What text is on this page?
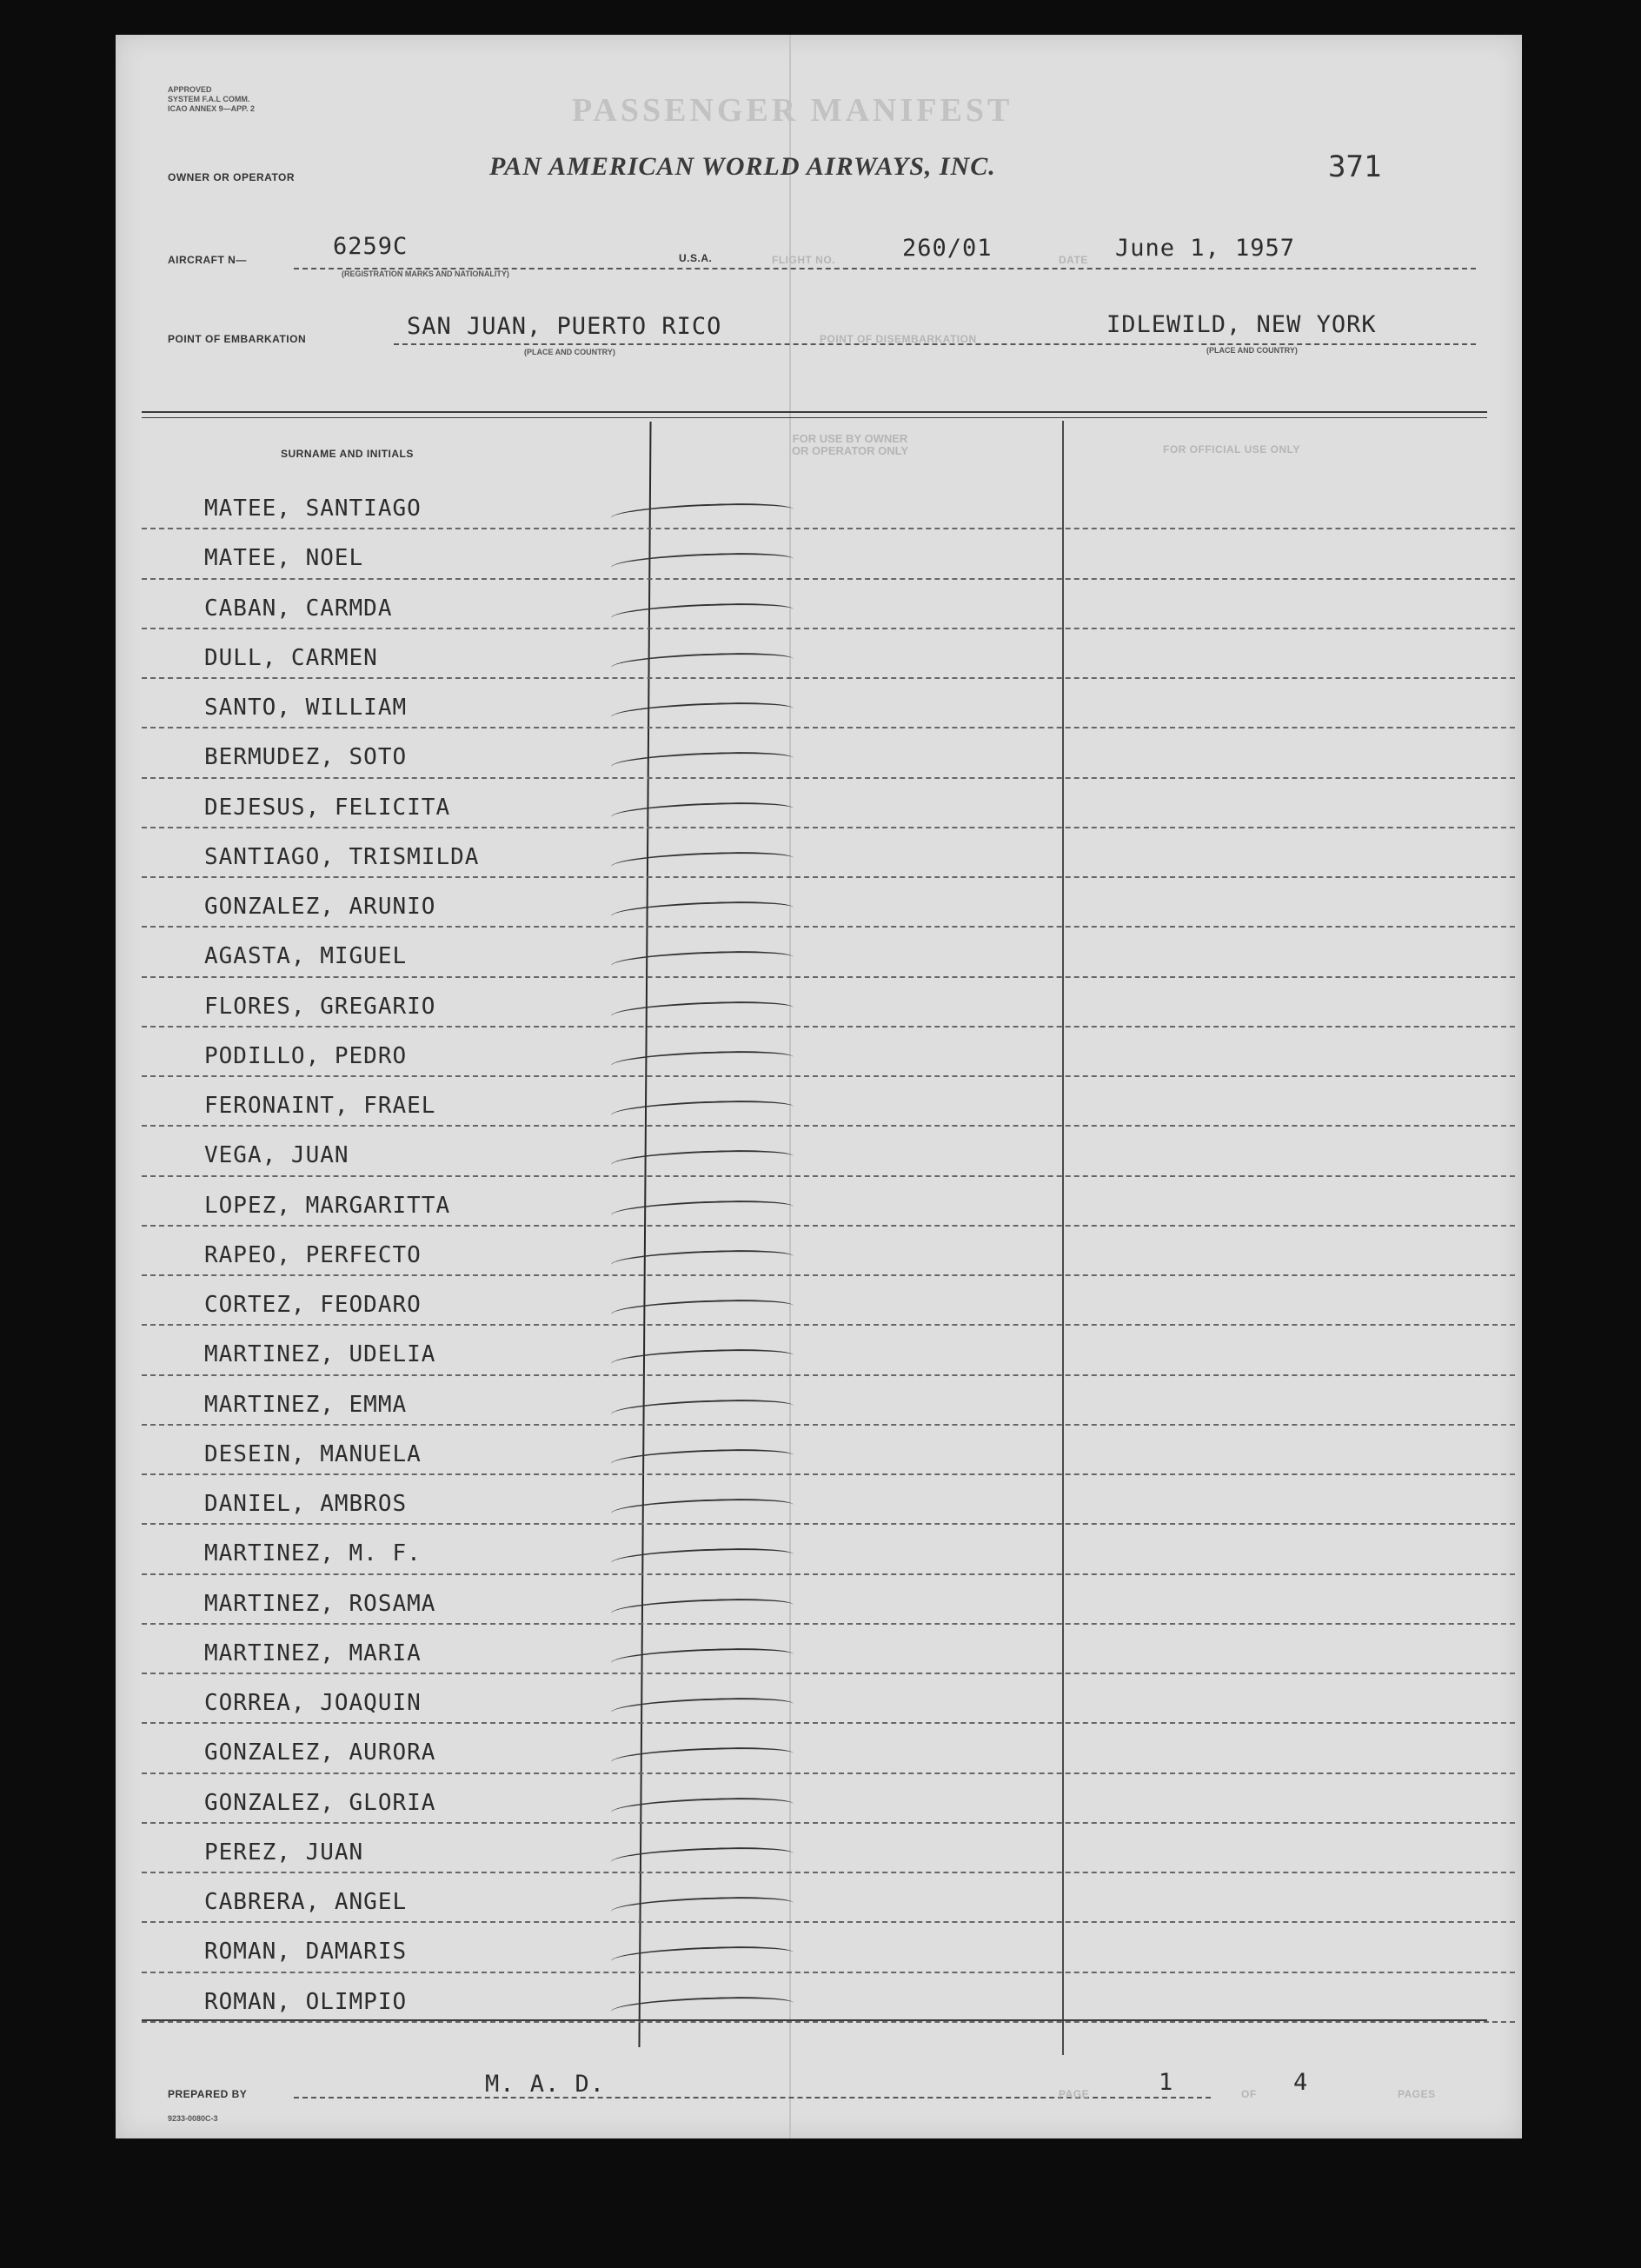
APPROVED
SYSTEM F.A.L COMM.
ICAO ANNEX 9—APP. 2	PASSENGER MANIFEST
PAN AMERICAN WORLD AIRWAYS, INC.	371
OWNER OR OPERATOR
AIRCRAFT N—	6259C
(REGISTRATION MARKS AND NATIONALITY)
U.S.A.	FLIGHT NO.	260/01	DATE June 1, 1957
POINT OF EMBARKATION	SAN JUAN, PUERTO RICO
(PLACE AND COUNTRY)
POINT OF DISEMBARKATION
IDLEWILD, NEW YORK
(PLACE AND COUNTRY)
SURNAME AND INITIALS
FOR USE BY OWNER
OR OPERATOR ONLY	FOR OFFICIAL USE ONLY
MATEE, SANTIAGO
MATEE, NOEL
CABAN, CARMDA
DULL, CARMEN
SANTO, WILLIAM
BERMUDEZ, SOTO
DEJESUS, FELICITA
SANTIAGO, TRISMILDA
GONZALEZ, ARUNIO
AGASTA, MIGUEL
FLORES, GREGARIO
PODILLO, PEDRO
FERONAINT, FRAEL
VEGA, JUAN
LOPEZ, MARGARITTA
RAPEO, PERFECTO
CORTEZ, FEODARO
MARTINEZ, UDELIA
MARTINEZ, EMMA
DESEIN, MANUELA
DANIEL, AMBROS
MARTINEZ, M. F.
MARTINEZ, ROSAMA
MARTINEZ, MARIA
CORREA, JOAQUIN
GONZALEZ, AURORA
GONZALEZ, GLORIA
PEREZ, JUAN
CABRERA, ANGEL
ROMAN, DAMARIS
ROMAN, OLIMPIO
PREPARED BY	M. A. D.
9233-0080C-3
PAGE	1	OF 4	PAGES
